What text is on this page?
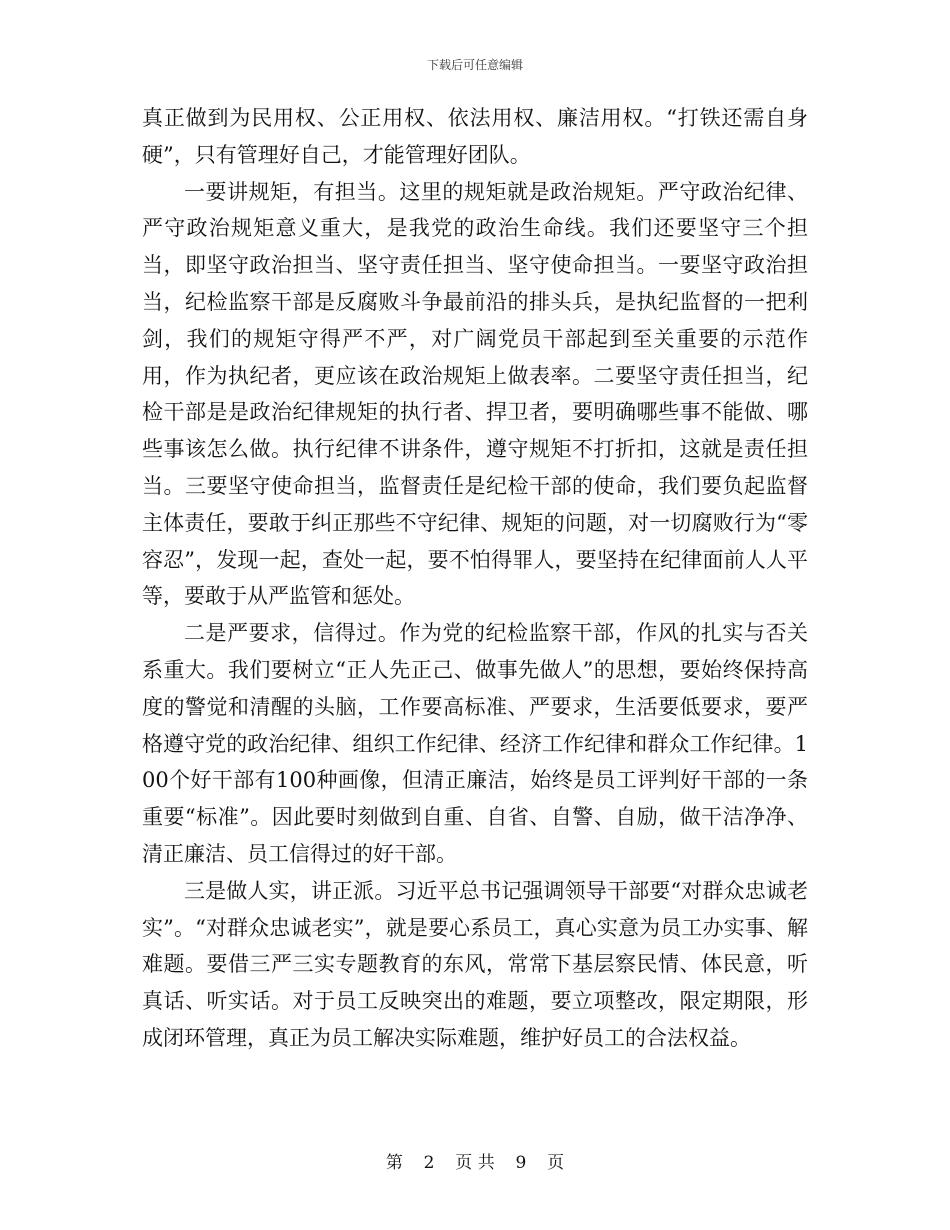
下载后可任意编辑

真正做到为民用权、公正用权、依法用权、廉洁用权。“打铁还需自身硬”，只有管理好自己，才能管理好团队。

一要讲规矩，有担当。这里的规矩就是政治规矩。严守政治纪律、严守政治规矩意义重大，是我党的政治生命线。我们还要坚守三个担当，即坚守政治担当、坚守责任担当、坚守使命担当。一要坚守政治担当，纪检监察干部是反腐败斗争最前沿的排头兵，是执纪监督的一把利剑，我们的规矩守得严不严，对广阔党员干部起到至关重要的示范作用，作为执纪者，更应该在政治规矩上做表率。二要坚守责任担当，纪检干部是是政治纪律规矩的执行者、捍卫者，要明确哪些事不能做、哪些事该怎么做。执行纪律不讲条件，遵守规矩不打折扣，这就是责任担当。三要坚守使命担当，监督责任是纪检干部的使命，我们要负起监督主体责任，要敢于纠正那些不守纪律、规矩的问题，对一切腐败行为“零容忍”，发现一起，查处一起，要不怕得罪人，要坚持在纪律面前人人平等，要敢于从严监管和惩处。

二是严要求，信得过。作为党的纪检监察干部，作风的扎实与否关系重大。我们要树立“正人先正己、做事先做人”的思想，要始终保持高度的警觉和清醒的头脑，工作要高标准、严要求，生活要低要求，要严格遵守党的政治纪律、组织工作纪律、经济工作纪律和群众工作纪律。100个好干部有100种画像，但清正廉洁，始终是员工评判好干部的一条重要“标准”。因此要时刻做到自重、自省、自警、自励，做干洁净净、清正廉洁、员工信得过的好干部。

三是做人实，讲正派。习近平总书记强调领导干部要“对群众忠诚老实”。“对群众忠诚老实”，就是要心系员工，真心实意为员工办实事、解难题。要借三严三实专题教育的东风，常常下基层察民情、体民意，听真话、听实话。对于员工反映突出的难题，要立项整改，限定期限，形成闭环管理，真正为员工解决实际难题，维护好员工的合法权益。

第 2 页 共 9 页
